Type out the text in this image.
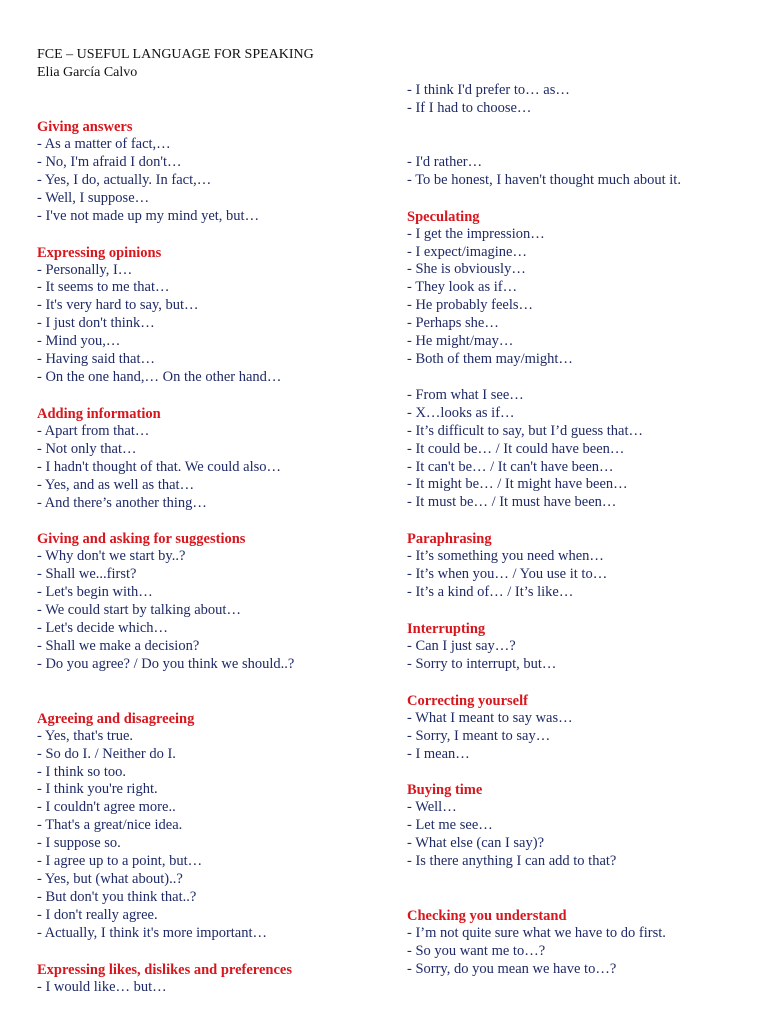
FCE – USEFUL LANGUAGE FOR SPEAKING
Elia García Calvo
Giving answers
- As a matter of fact,…
- No, I'm afraid I don't…
- Yes, I do, actually. In fact,…
- Well, I suppose…
- I've not made up my mind yet, but…
Expressing opinions
- Personally, I…
- It seems to me that…
- It's very hard to say, but…
- I just don't think…
- Mind you,…
- Having said that…
- On the one hand,… On the other hand…
Adding information
- Apart from that…
- Not only that…
- I hadn't thought of that. We could also…
- Yes, and as well as that…
- And there’s another thing…
Giving and asking for suggestions
- Why don't we start by..?
- Shall we...first?
- Let's begin with…
- We could start by talking about…
- Let's decide which…
- Shall we make a decision?
- Do you agree? / Do you think we should..?
Agreeing and disagreeing
- Yes, that's true.
- So do I. / Neither do I.
- I think so too.
- I think you're right.
- I couldn't agree more..
- That's a great/nice idea.
- I suppose so.
- I agree up to a point, but…
- Yes, but (what about)..?
- But don't you think that..?
- I don't really agree.
- Actually, I think it's more important…
Expressing likes, dislikes and preferences
- I would like… but…
- I think I'd prefer to… as…
- If I had to choose…
- I'd rather…
- To be honest, I haven't thought much about it.
Speculating
- I get the impression…
- I expect/imagine…
- She is obviously…
- They look as if…
- He probably feels…
- Perhaps she…
- He might/may…
- Both of them may/might…
- From what I see…
- X…looks as if…
- It’s difficult to say, but I’d guess that…
- It could be… / It could have been…
- It can't be… / It can't have been…
- It might be… / It might have been…
- It must be… / It must have been…
Paraphrasing
- It’s something you need when…
- It’s when you… / You use it to…
- It’s a kind of… / It’s like…
Interrupting
- Can I just say…?
- Sorry to interrupt, but…
Correcting yourself
- What I meant to say was…
- Sorry, I meant to say…
- I mean…
Buying time
- Well…
- Let me see…
- What else (can I say)?
- Is there anything I can add to that?
Checking you understand
- I’m not quite sure what we have to do first.
- So you want me to…?
- Sorry, do you mean we have to…?
